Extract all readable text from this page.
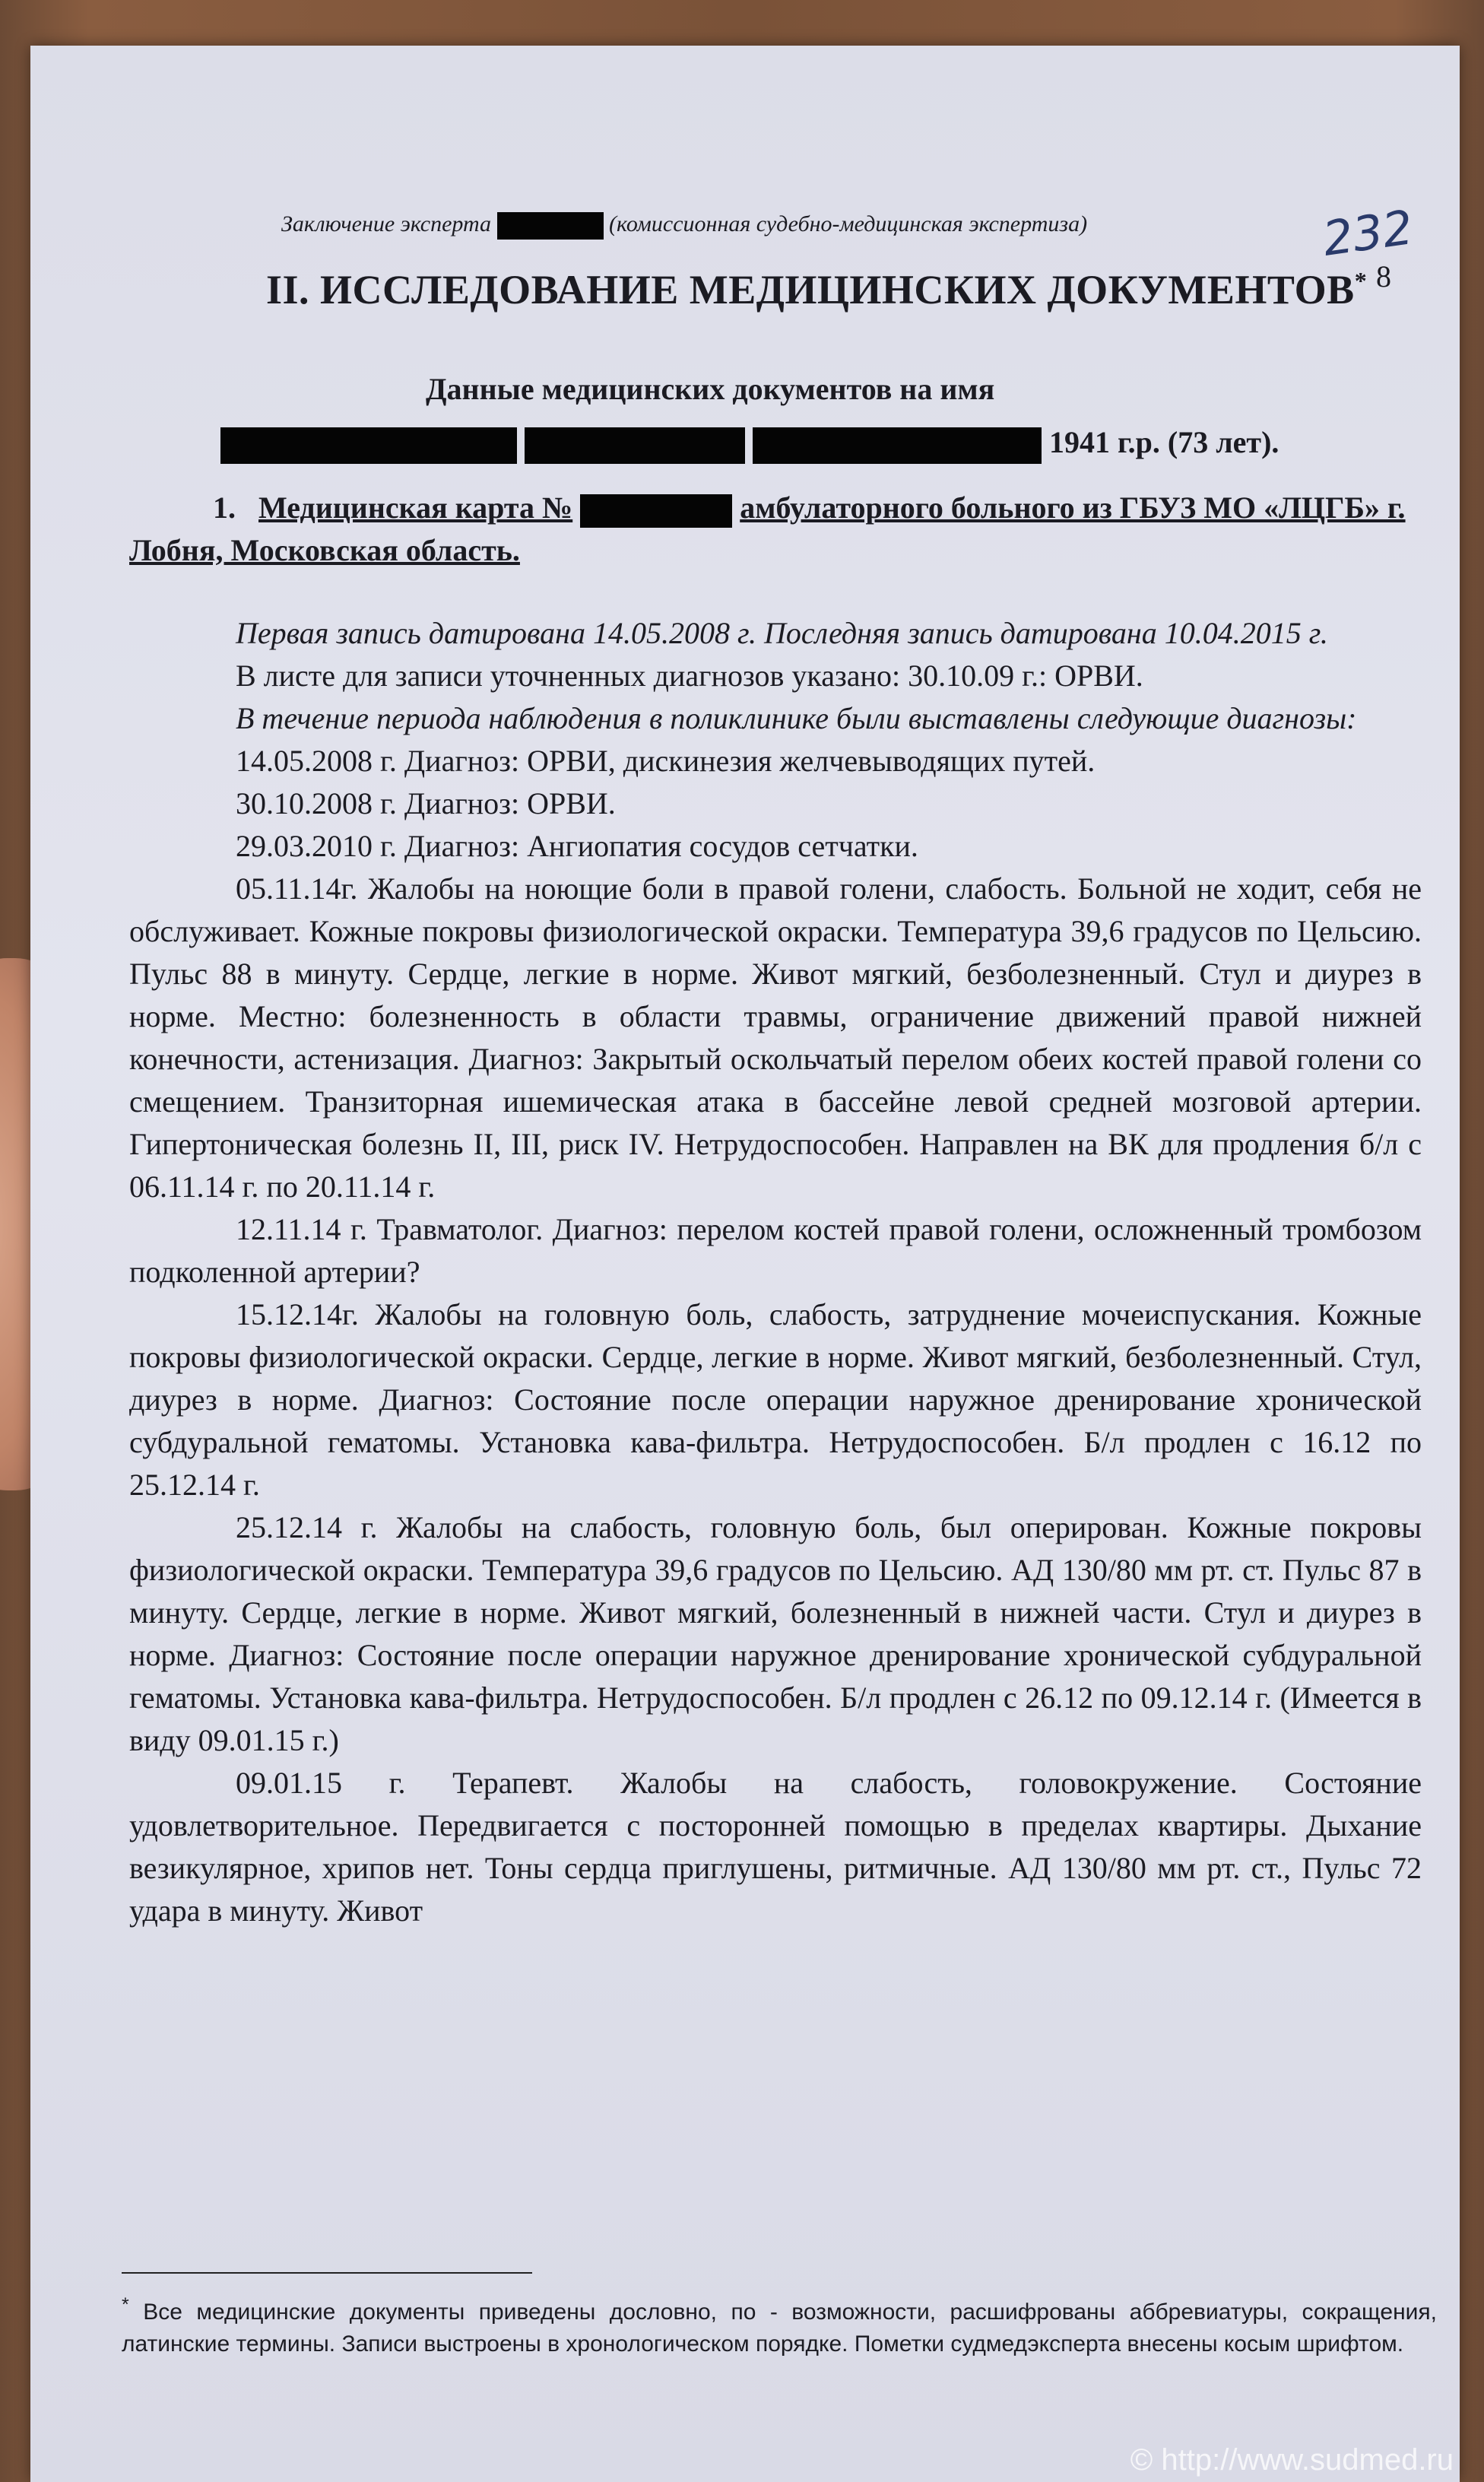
Заключение эксперта	(комиссионная судебно-медицинская экспертиза)	232
8
II. ИССЛЕДОВАНИЕ МЕДИЦИНСКИХ ДОКУМЕНТОВ*
Данные медицинских документов на имя
1941 г.р. (73 лет).
1. Медицинская карта №	амбулаторного больного из ГБУЗ МО «ЛЦГБ» г. Лобня, Московская область.

Первая запись датирована 14.05.2008 г. Последняя запись датирована 10.04.2015 г.

В листе для записи уточненных диагнозов указано: 30.10.09 г.: ОРВИ.

В течение периода наблюдения в поликлинике были выставлены следующие диагнозы:

14.05.2008 г. Диагноз: ОРВИ, дискинезия желчевыводящих путей.

30.10.2008 г. Диагноз: ОРВИ.

29.03.2010 г. Диагноз: Ангиопатия сосудов сетчатки.

05.11.14г. Жалобы на ноющие боли в правой голени, слабость. Больной не ходит, себя не обслуживает. Кожные покровы физиологической окраски. Температура 39,6 градусов по Цельсию. Пульс 88 в минуту. Сердце, легкие в норме. Живот мягкий, безболезненный. Стул и диурез в норме. Местно: болезненность в области травмы, ограничение движений правой нижней конечности, астенизация. Диагноз: Закрытый оскольчатый перелом обеих костей правой голени со смещением. Транзиторная ишемическая атака в бассейне левой средней мозговой артерии. Гипертоническая болезнь II, III, риск IV. Нетрудоспособен. Направлен на ВК для продления б/л с 06.11.14 г. по 20.11.14 г.

12.11.14 г. Травматолог. Диагноз: перелом костей правой голени, осложненный тромбозом подколенной артерии?

15.12.14г. Жалобы на головную боль, слабость, затруднение мочеиспускания. Кожные покровы физиологической окраски. Сердце, легкие в норме. Живот мягкий, безболезненный. Стул, диурез в норме. Диагноз: Состояние после операции наружное дренирование хронической субдуральной гематомы. Установка кава-фильтра. Нетрудоспособен. Б/л продлен с 16.12 по 25.12.14 г.

25.12.14 г. Жалобы на слабость, головную боль, был оперирован. Кожные покровы физиологической окраски. Температура 39,6 градусов по Цельсию. АД 130/80 мм рт. ст. Пульс 87 в минуту. Сердце, легкие в норме. Живот мягкий, болезненный в нижней части. Стул и диурез в норме. Диагноз: Состояние после операции наружное дренирование хронической субдуральной гематомы. Установка кава-фильтра. Нетрудоспособен. Б/л продлен с 26.12 по 09.12.14 г. (Имеется в виду 09.01.15 г.)

09.01.15 г. Терапевт. Жалобы на слабость, головокружение. Состояние удовлетворительное. Передвигается с посторонней помощью в пределах квартиры. Дыхание везикулярное, хрипов нет. Тоны сердца приглушены, ритмичные. АД 130/80 мм рт. ст., Пульс 72 удара в минуту. Живот

* Все медицинские документы приведены дословно, по - возможности, расшифрованы аббревиатуры, сокращения, латинские термины. Записи выстроены в хронологическом порядке. Пометки судмедэксперта внесены косым шрифтом.
© http://www.sudmed.ru
